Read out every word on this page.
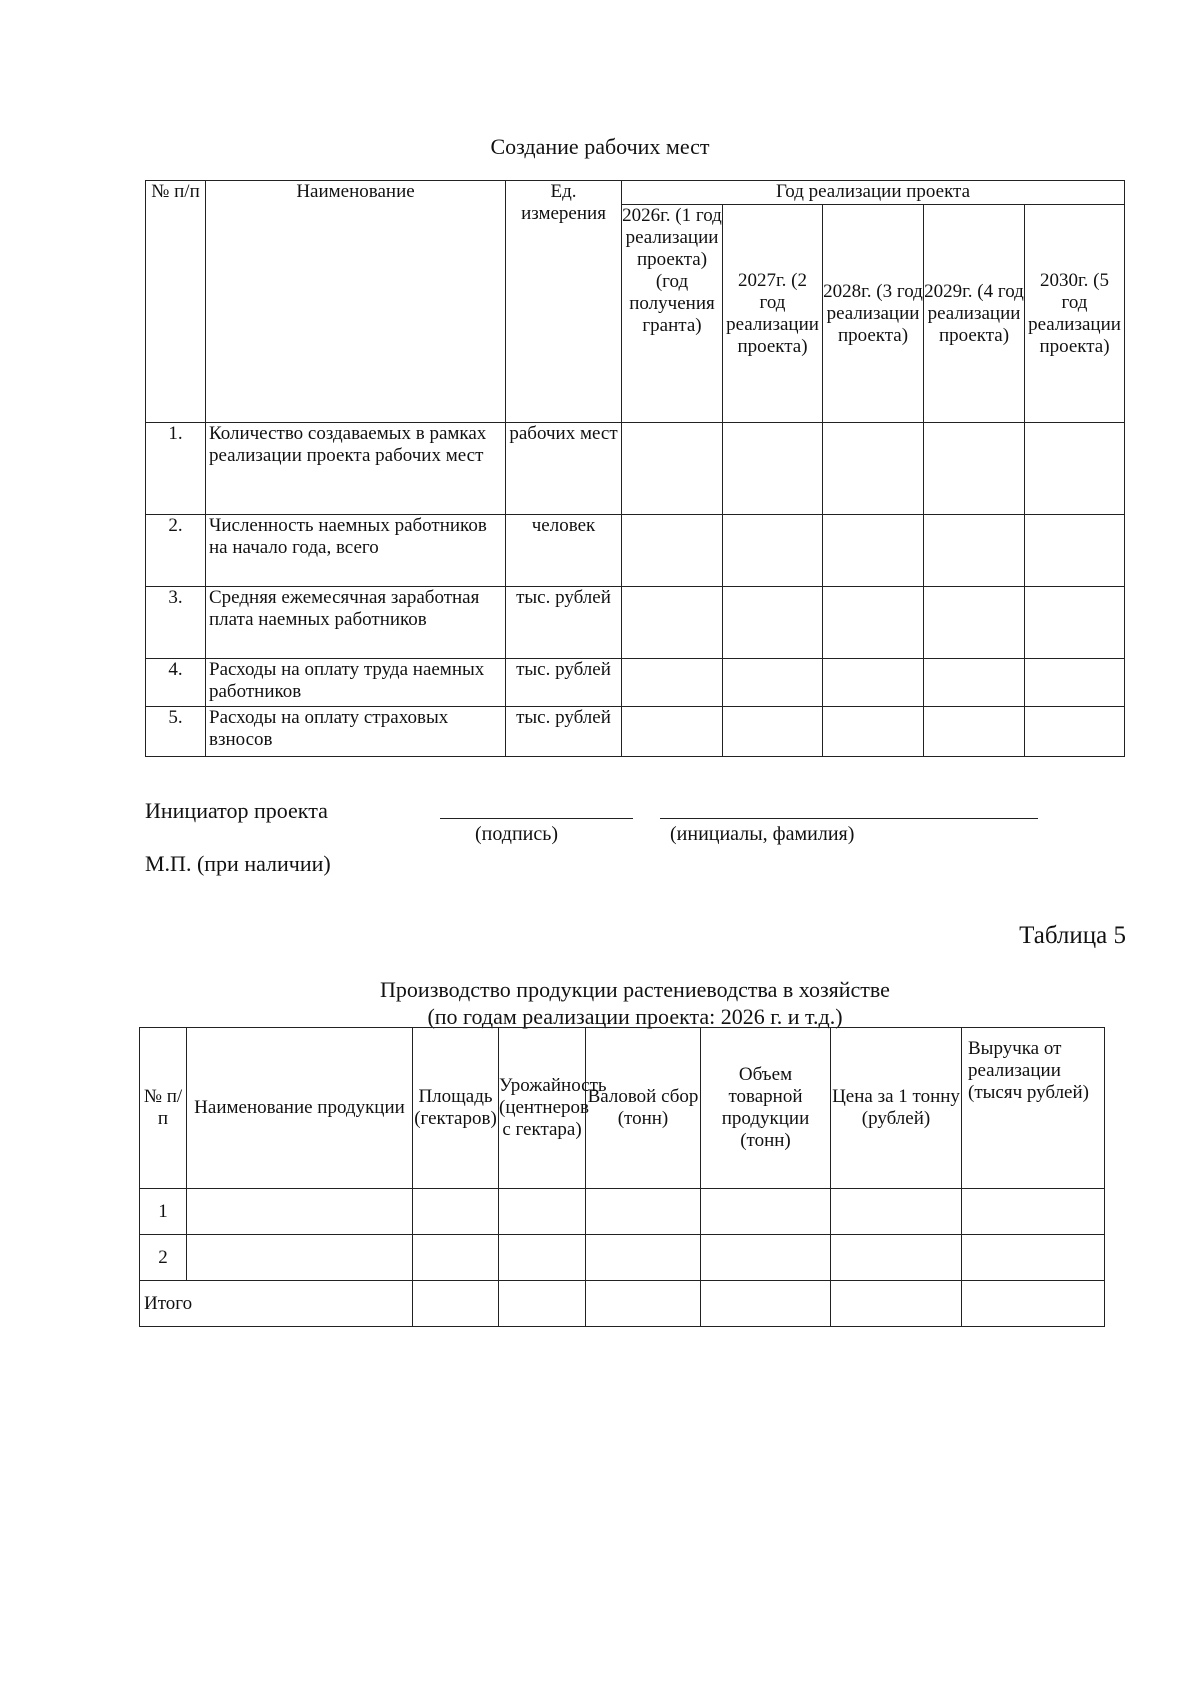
Создание рабочих мест
№ п/п	Наименование	Ед. измерения	Год реализации проекта				
			2026г. (1 год реализации проекта) (год получения гранта)	2027г. (2 год реализации проекта)	2028г. (3 год реализации проекта)	2029г. (4 год реализации проекта)	2030г. (5 год реализации проекта)
1.	Количество создаваемых в рамках реализации проекта рабочих мест	рабочих мест					
2.	Численность наемных работников на начало года, всего	человек					
3.	Средняя ежемесячная заработная плата наемных работников	тыс. рублей					
4.	Расходы на оплату труда наемных работников	тыс. рублей					
5.	Расходы на оплату страховых взносов	тыс. рублей					
Инициатор проекта
(подпись)	(инициалы, фамилия)
М.П. (при наличии)
Таблица 5
Производство продукции растениеводства в хозяйстве
(по годам реализации проекта: 2026 г. и т.д.)
№ п/п	Наименование продукции	Площадь (гектаров)	Урожайность (центнеров с гектара)	Валовой сбор (тонн)	Объем товарной продукции (тонн)	Цена за 1 тонну (рублей)	Выручка от реализации (тысяч рублей)
1							
2							
Итого							
